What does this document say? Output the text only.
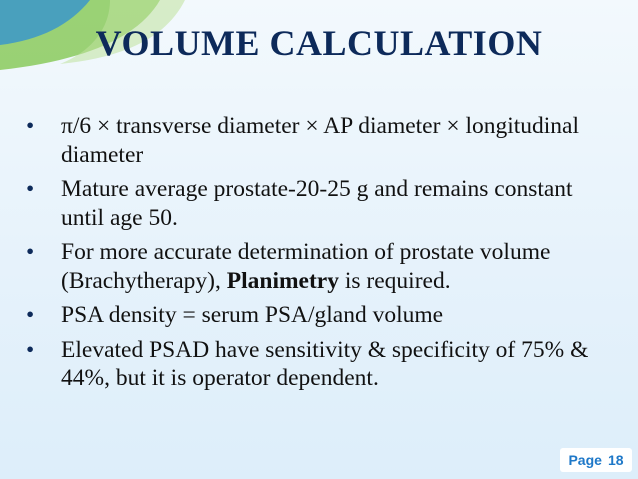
VOLUME CALCULATION
• π/6 × transverse diameter × AP diameter × longitudinal diameter
• Mature average prostate-20-25 g and remains constant until age 50.
• For more accurate determination of prostate volume (Brachytherapy), Planimetry is required.
• PSA density = serum PSA/gland volume
• Elevated PSAD have sensitivity & specificity of 75% & 44%, but it is operator dependent.
Page 18
